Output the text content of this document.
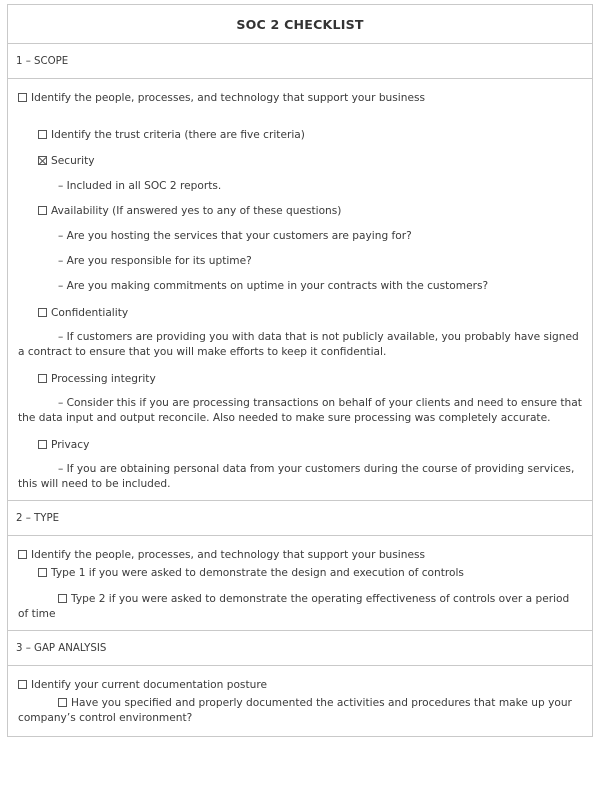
SOC 2 CHECKLIST
1 – SCOPE
Identify the people, processes, and technology that support your business
Identify the trust criteria (there are five criteria)
Security
– Included in all SOC 2 reports.
Availability (If answered yes to any of these questions)
– Are you hosting the services that your customers are paying for?
– Are you responsible for its uptime?
– Are you making commitments on uptime in your contracts with the customers?
Confidentiality
– If customers are providing you with data that is not publicly available, you probably have signed a contract to ensure that you will make efforts to keep it confidential.
Processing integrity
– Consider this if you are processing transactions on behalf of your clients and need to ensure that the data input and output reconcile. Also needed to make sure processing was completely accurate.
Privacy
– If you are obtaining personal data from your customers during the course of providing services, this will need to be included.
2 – TYPE
Identify the people, processes, and technology that support your business
Type 1 if you were asked to demonstrate the design and execution of controls
Type 2 if you were asked to demonstrate the operating effectiveness of controls over a period of time
3 – GAP ANALYSIS
Identify your current documentation posture
Have you specified and properly documented the activities and procedures that make up your company’s control environment?
